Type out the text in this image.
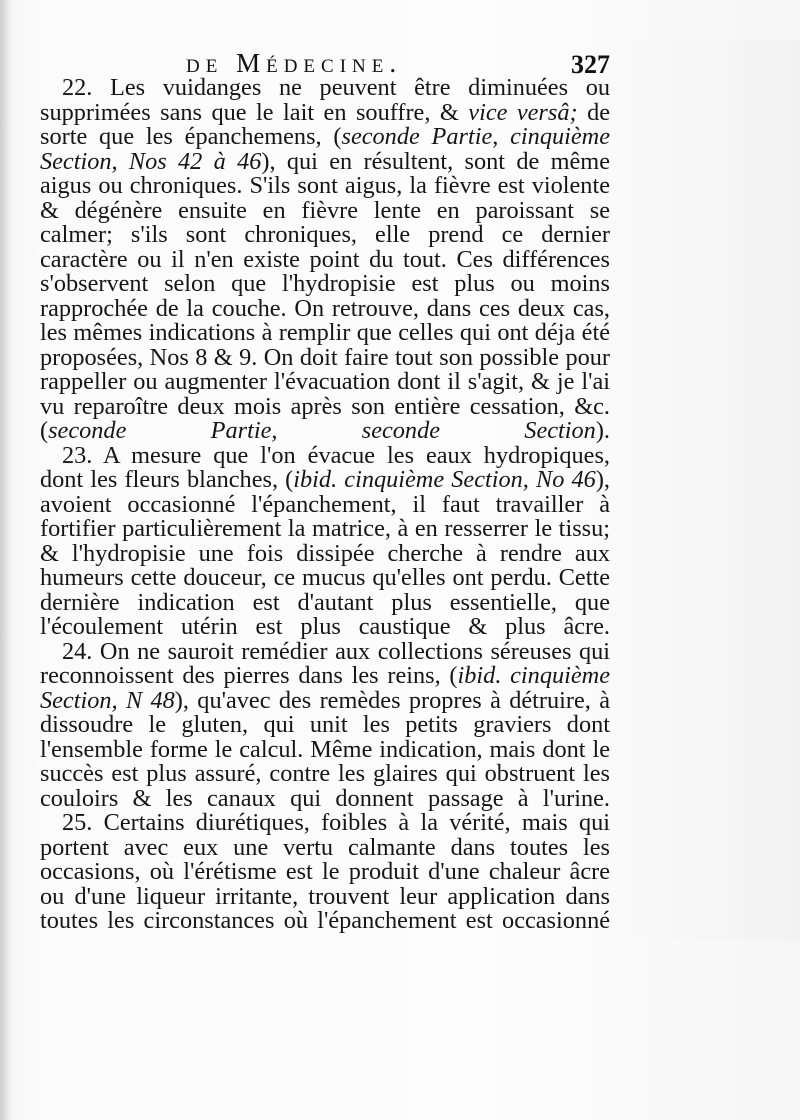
de Médecine.	327

22. Les vuidanges ne peuvent être diminuées ou supprimées sans que le lait en souffre, & vice versâ; de sorte que les épanchemens, (seconde Partie, cinquième Section, Nos 42 à 46), qui en résultent, sont de même aigus ou chroniques. S'ils sont aigus, la fièvre est violente & dégénère ensuite en fièvre lente en paroissant se calmer; s'ils sont chroniques, elle prend ce dernier caractère ou il n'en existe point du tout. Ces différences s'observent selon que l'hydropisie est plus ou moins rapprochée de la couche. On retrouve, dans ces deux cas, les mêmes indications à remplir que celles qui ont déja été proposées, Nos 8 & 9. On doit faire tout son possible pour rappeller ou augmenter l'évacuation dont il s'agit, & je l'ai vu reparoître deux mois après son entière cessation, &c. (seconde Partie, seconde Section).

23. A mesure que l'on évacue les eaux hydropiques, dont les fleurs blanches, (ibid. cinquième Section, No 46), avoient occasionné l'épanchement, il faut travailler à fortifier particulièrement la matrice, à en resserrer le tissu; & l'hydropisie une fois dissipée cherche à rendre aux humeurs cette douceur, ce mucus qu'elles ont perdu. Cette dernière indication est d'autant plus essentielle, que l'écoulement utérin est plus caustique & plus âcre.

24. On ne sauroit remédier aux collections séreuses qui reconnoissent des pierres dans les reins, (ibid. cinquième Section, N 48), qu'avec des remèdes propres à détruire, à dissoudre le gluten, qui unit les petits graviers dont l'ensemble forme le calcul. Même indication, mais dont le succès est plus assuré, contre les glaires qui obstruent les couloirs & les canaux qui donnent passage à l'urine.

25. Certains diurétiques, foibles à la vérité, mais qui portent avec eux une vertu calmante dans toutes les occasions, où l'érétisme est le produit d'une chaleur âcre ou d'une liqueur irritante, trouvent leur application dans toutes les circonstances où l'épanchement est occasionné
